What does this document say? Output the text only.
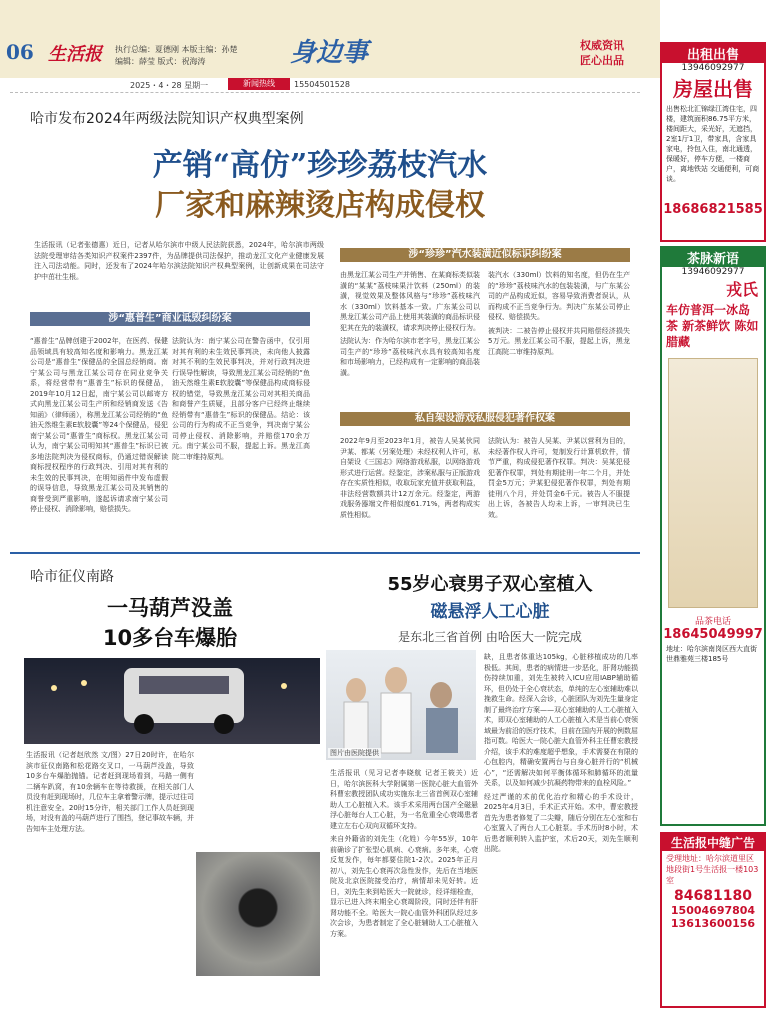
06 生活报 执行总编：夏德刚 本版主编：孙楚
编辑：薛莹 版式：祝海涛	身边事	权威资讯
匠心出品
2025・4・28 星期一	新闻热线	15504501528
哈市发布2024年两级法院知识产权典型案例
产销“高仿”珍珍荔枝汽水
厂家和麻辣烫店构成侵权
生活报讯（记者张德惠）近日，记者从哈尔滨市中级人民法院获悉，2024年，哈尔滨市两级法院受理审结各类知识产权案件2397件，为品牌提供司法保护，推动龙江文化产业健康发展注入司法动能。同时，还发布了2024年哈尔滨法院知识产权典型案例，让创新成果在司法守护中茁壮生根。
涉“惠普生”商业诋毁纠纷案
“惠普生”品牌创建于2002年，在医药、保健品领域具有较高知名度和影响力。黑龙江某公司是“惠普生”保健品的全国总经销商。南宁某公司与黑龙江某公司存在同业竞争关系，将经营带有“惠普生”标识的保健品，2019年10月12日起，南宁某公司以邮寄方式向黑龙江某公司生产所和经销商发送《告知函》（律师函），称黑龙江某公司经销的“鱼油天然维生素E软胶囊”等24个保健品，侵犯南宁某公司“惠普生”商标权。黑龙江某公司认为，南宁某公司明知其“惠普生”标识已被多地法院判决为侵权商标，仍通过错误解读商标授权程序的行政判决、引用对其有利的未生效的民事判决，在明知函件中发布虚假的误导信息，导致黑龙江某公司及其销售的商誉受到严重影响，遂起诉请求南宁某公司停止侵权、消除影响，赔偿损失。
法院认为：南宁某公司在警告函中，仅引用对其有利的未生效民事判决，未向他人披露对其不利的生效民事判决，并对行政判决进行误导性解读，导致黑龙江某公司经销的“鱼油天然维生素E软胶囊”等保健品构成商标侵权的错觉，导致黑龙江某公司对其相关商品和商誉产生质疑，且部分客户已经终止继续经销带有“惠普生”标识的保健品。结论：该公司的行为构成不正当竞争，判决南宁某公司停止侵权、消除影响，并赔偿170余万元。南宁某公司不服，提起上诉。黑龙江高院二审维持原判。
涉“珍珍”汽水装潢近似标识纠纷案
由黑龙江某公司生产并销售、在某商标类似装潢的“某某”荔枝味果汁饮料（250ml）的装潢，视觉效果及整体风格与“珍珍”荔枝味汽水（330ml）饮料基本一致。广东某公司以黑龙江某公司产品上使用其装潢的商品标识侵犯其在先的装潢权，请求判决停止侵权行为。
法院认为：作为哈尔滨市老字号，黑龙江某公司生产的“珍珍”荔枝味汽水具有较高知名度和市场影响力，已经构成有一定影响的商品装潢。
装汽水（330ml）饮料的知名度，但仍在生产的“珍珍”荔枝味汽水的包装装潢，与广东某公司的产品构成近似，容易导致消费者误认，从而构成不正当竞争行为。判决广东某公司停止侵权、赔偿损失。
被判决：二被告停止侵权并共同赔偿经济损失5万元。黑龙江某公司不服，提起上诉，黑龙江高院二审维持原判。
私自架设游戏私服侵犯著作权案
2022年9月至2023年1月，被告人吴某伙同尹某、都某（另案处理）未经权利人许可，私自架设《三国志》网络游戏私服，以网络游戏形式进行运营。经鉴定，涉案私服与正版游戏存在实质性相似，收取玩家充值并获取利益，非法经营数额共计12万余元。经鉴定，两游戏服务器端文件相似度61.71%，两者构成实质性相似。
法院认为：被告人吴某、尹某以营利为目的，未经著作权人许可，复制发行计算机软件，情节严重，构成侵犯著作权罪。判决：吴某犯侵犯著作权罪，判处有期徒刑一年二个月，并处罚金5万元；尹某犯侵犯著作权罪，判处有期徒刑八个月，并处罚金6千元。被告人不服提出上诉，各被告人均未上诉，一审判决已生效。
哈市征仪南路
一马葫芦没盖
10多台车爆胎
生活报讯（记者赵欣然 文/图）27日20时许，在哈尔滨市征仪南路和松花路交叉口，一马葫芦没盖，导致10多台车爆胎抛锚。记者赶到现场看到，马路一侧有二辆车趴窝，有10余辆车在等待救援，在相关部门人员没有赶到现场时，几位车主拿着警示牌，提示过往司机注意安全。20时15分许，相关部门工作人员赶到现场，对没有盖的马葫芦进行了围挡，登记事故车辆，并告知车主处理方法。
55岁心衰男子双心室植入
磁悬浮人工心脏
是东北三省首例 由哈医大一院完成
图片由医院提供
生活报讯（见习记者李晓航 记者王筱关）近日，哈尔滨医科大学附属第一医院心脏大血管外科曹宏教授团队成功实施东北三省首例双心室辅助人工心脏植入术。该手术采用两台国产全磁悬浮心脏每台人工心脏，为一名危重全心衰竭患者建立左右心双向双循环支持。
来自外籍省的刘先生（化姓）今年55岁，10年前确诊了扩张型心肌病、心衰病。多年来，心衰反复发作，每年都要住院1-2次。2025年正月初八，刘先生心衰再次急性发作，先后在当地医院及北京医院接受治疗，病情却未见好转。近日，刘先生来到哈医大一院就诊，经详细检查，显示已进入终末期全心衰竭阶段，同时还伴有肝肾功能不全。哈医大一院心血管外科团队经过多次会诊，为患者制定了全心脏辅助人工心脏植入方案。
缺，且患者体重达105kg，心脏移植成功的几率极低。其间，患者的病情进一步恶化，肝肾功能损伤持续加重，刘先生被转入ICU应用IABP辅助循环，但仍处于全心衰状态，单纯的左心室辅助难以挽救生命。经深入会诊，心脏团队为刘先生量身定制了最终治疗方案——双心室辅助的人工心脏植入术，即双心室辅助的人工心脏植入术是当前心衰领域最为前沿的医疗技术，目前在国内开展的例数屈指可数。哈医大一院心脏大血管外科主任曹宏教授介绍，该手术的难度超乎想象，手术需要在有限的心包腔内，精确安置两台与自身心脏并行的“机械心”，“还需解决如何平衡体循环和肺循环的流量关系，以及如何减少抗凝药物带来的血栓风险。”
经过严谨的术前优化治疗和精心的手术设计，2025年4月3日，手术正式开始。术中，曹宏教授首先为患者修复了二尖瓣，随后分别在左心室和右心室置入了两台人工心脏泵。手术历时8小时，术后患者顺利转入监护室，术后20天，刘先生顺利出院。
出租出售
13946092977
房屋出售
出售松北汇锦绿江湾住宅，四楼，建筑面积86.75平方米，楼间距大，采光好，无遮挡，2室1厅1卫，带家具，含家具家电，拎包入住，南北通透，保暖好，停车方便，一楼商户，离地铁站 交通便利，可商谈。
18686821585
茶脉新语
13946092977
戎氏
车仿普洱一冰岛茶 新茶鲜饮 陈如腊藏
品茶电话
18645049997
地址：哈尔滨南岗区西大直街世鼎雅苑三楼185号
生活报中缝广告
受理地址：哈尔滨道里区地段街1号生活报一楼103室
84681180
15004697804
13613600156
